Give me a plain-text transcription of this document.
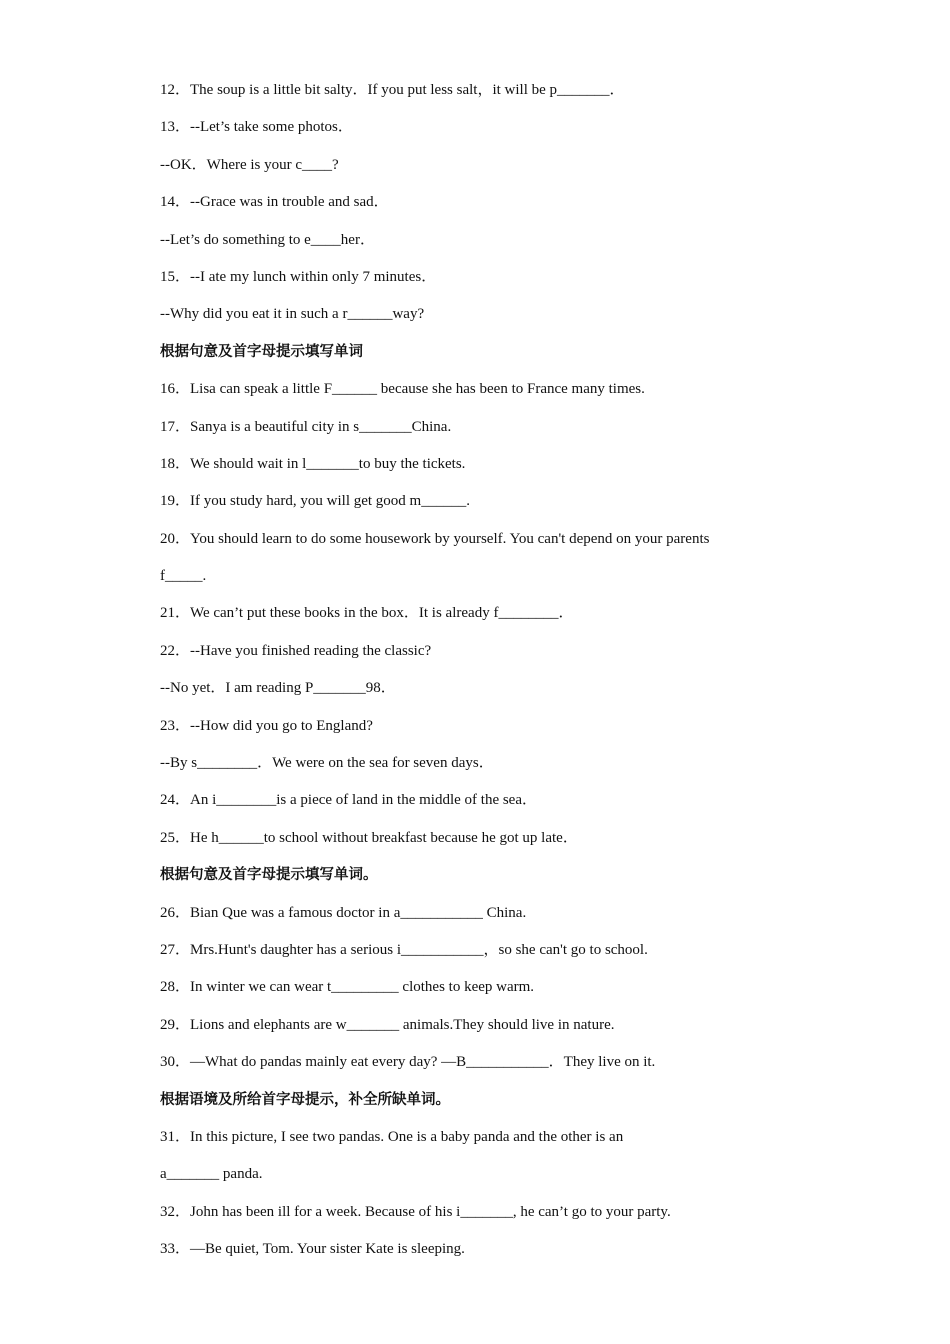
12．The soup is a little bit salty．If you put less salt，it will be p_______．
13．--Let’s take some photos．
--OK．Where is your c____?
14．--Grace was in trouble and sad．
--Let’s do something to e____her．
15．--I ate my lunch within only 7 minutes．
--Why did you eat it in such a r______way?
根据句意及首字母提示填写单词
16．Lisa can speak a little F______ because she has been to France many times.
17．Sanya is a beautiful city in s_______China.
18．We should wait in l_______to buy the tickets.
19．If you study hard, you will get good m______.
20．You should learn to do some housework by yourself. You can't depend on your parents
f_____.
21．We can’t put these books in the box．It is already f________．
22．--Have you finished reading the classic?
--No yet．I am reading P_______98．
23．--How did you go to England?
--By s________．We were on the sea for seven days．
24．An i________is a piece of land in the middle of the sea．
25．He h______to school without breakfast because he got up late．
根据句意及首字母提示填写单词。
26．Bian Que was a famous doctor in a___________ China.
27．Mrs.Hunt's daughter has a serious i___________，so she can't go to school.
28．In winter we can wear t_________ clothes to keep warm.
29．Lions and elephants are w_______ animals.They should live in nature.
30．—What do pandas mainly eat every day? —B___________．They live on it.
根据语境及所给首字母提示，补全所缺单词。
31．In this picture, I see two pandas. One is a baby panda and the other is an
a_______ panda.
32．John has been ill for a week. Because of his i_______, he can’t go to your party.
33．—Be quiet, Tom. Your sister Kate is sleeping.
